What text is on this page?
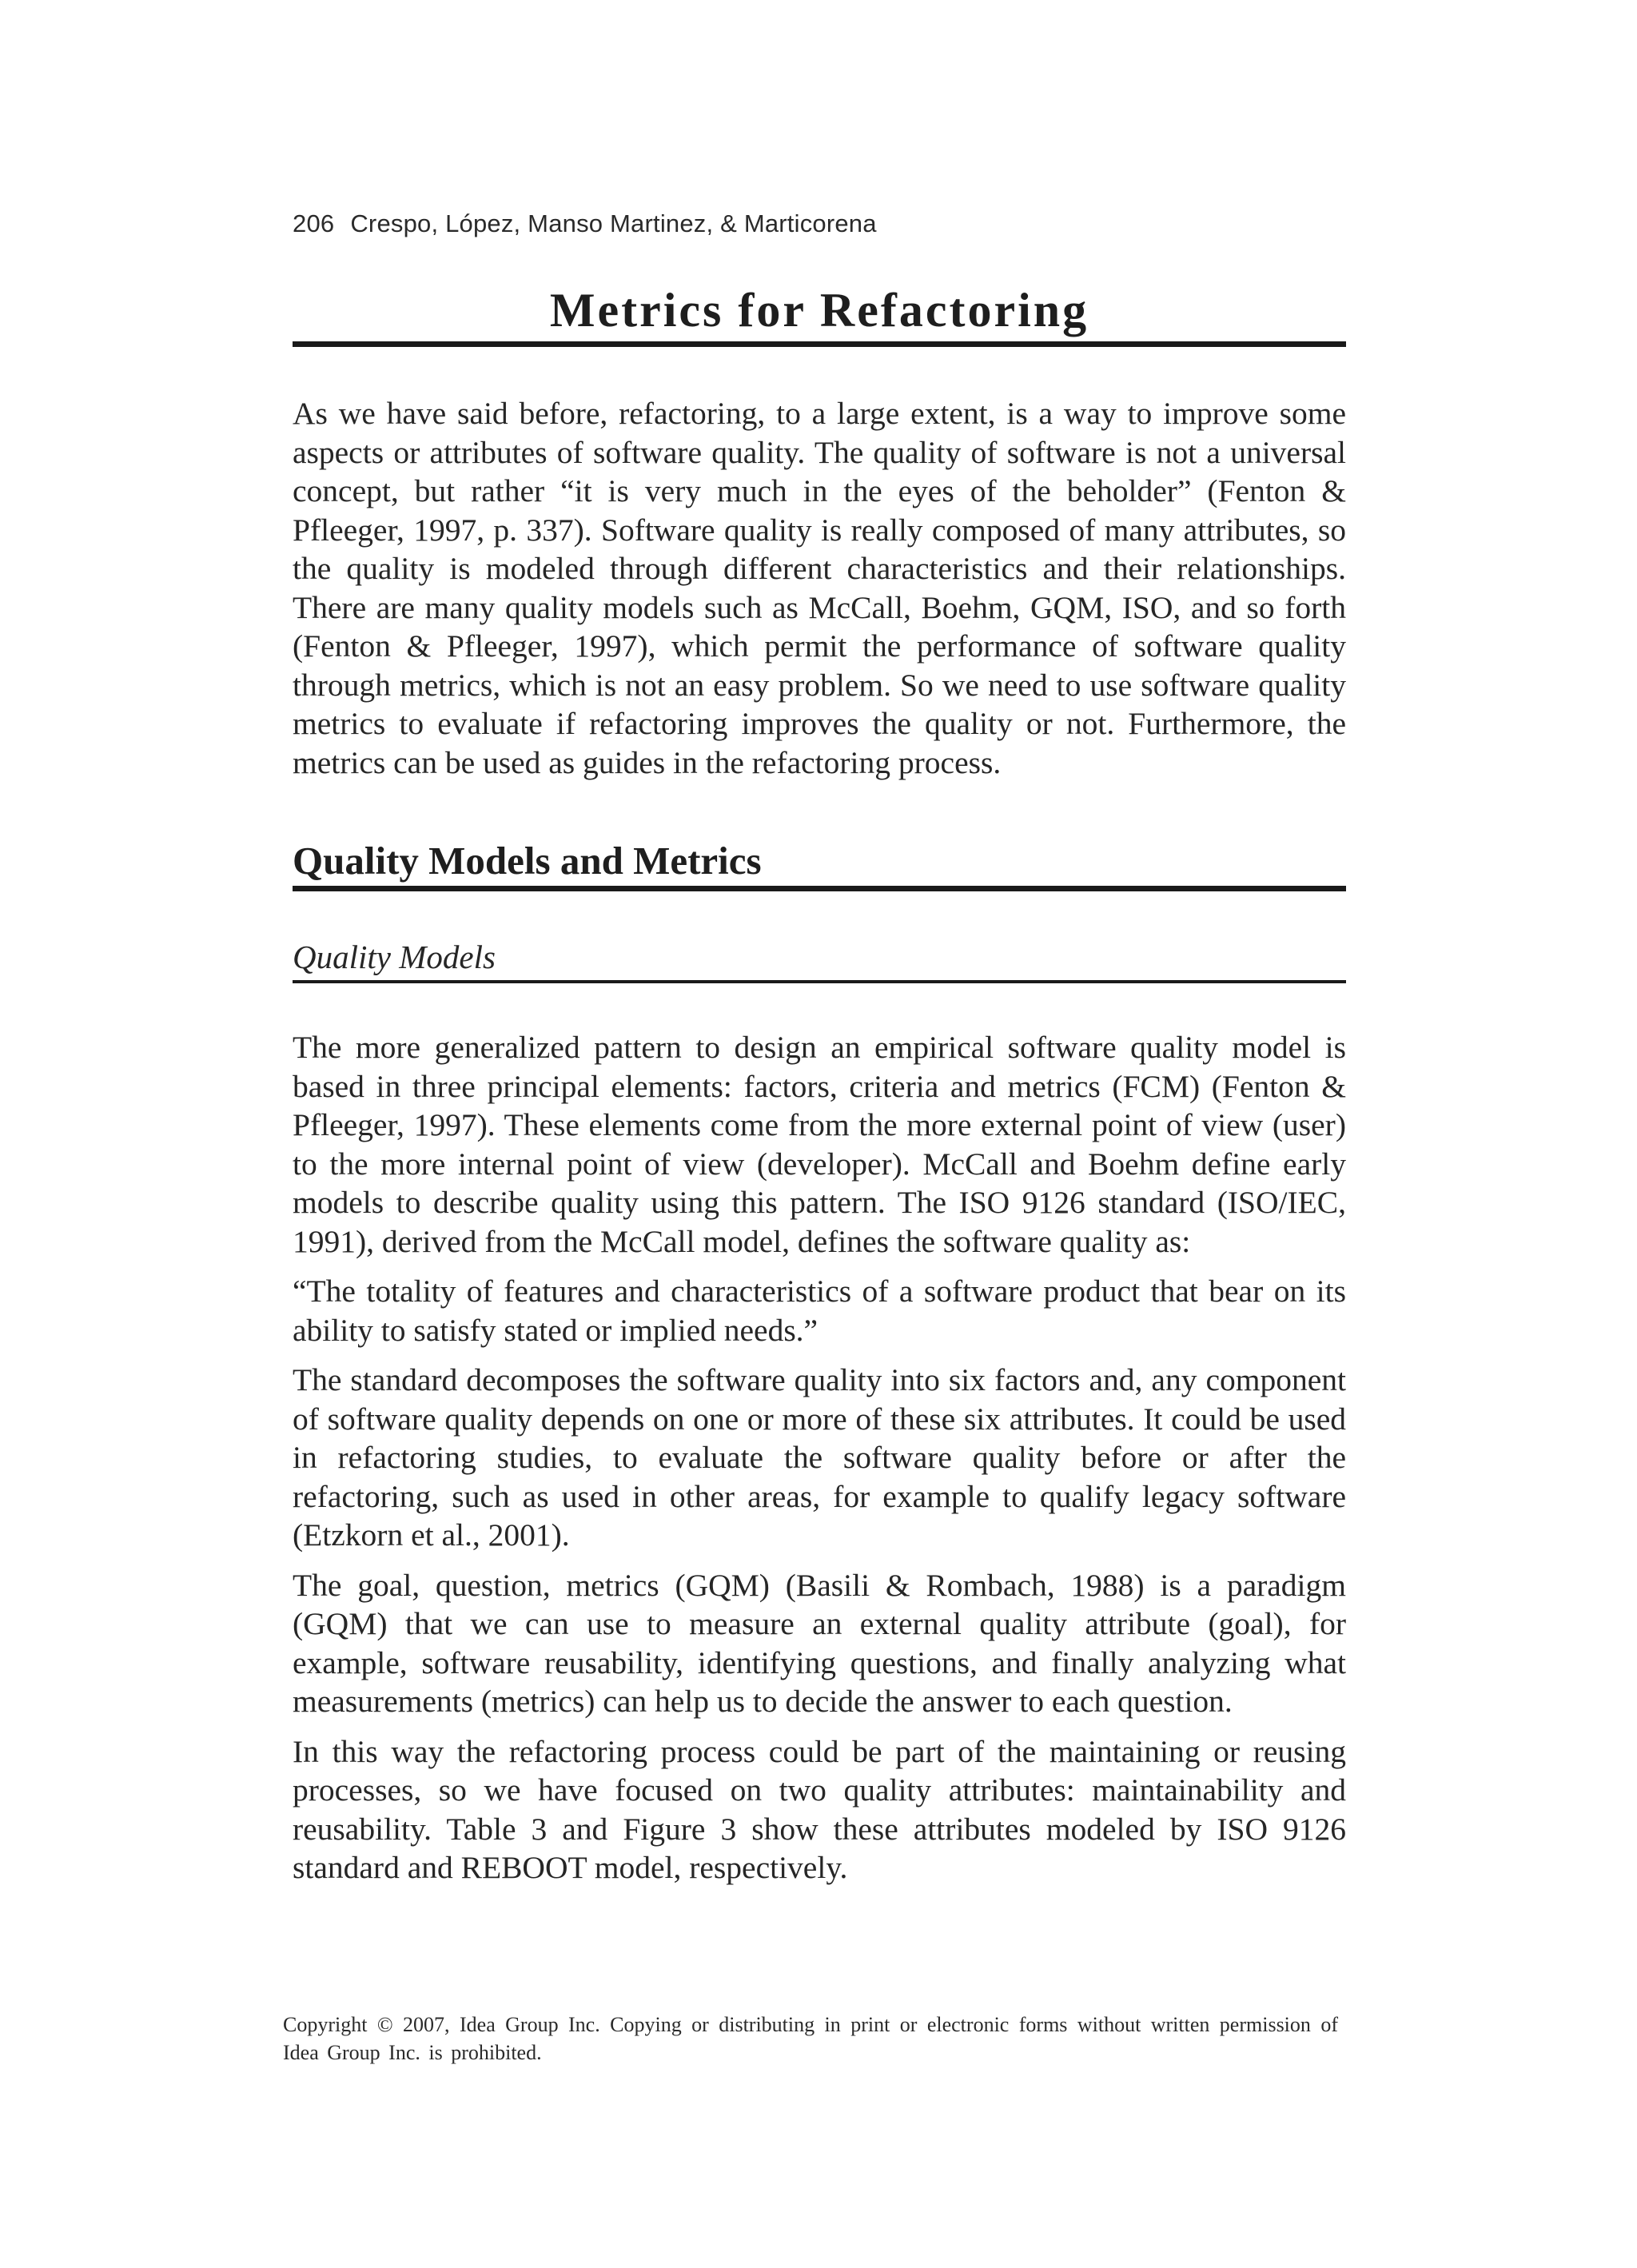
206 Crespo, López, Manso Martinez, & Marticorena
Metrics for Refactoring

As we have said before, refactoring, to a large extent, is a way to improve some aspects or attributes of software quality. The quality of software is not a universal concept, but rather “it is very much in the eyes of the beholder” (Fenton & Pfleeger, 1997, p. 337). Software quality is really composed of many attributes, so the quality is modeled through different characteristics and their relationships. There are many quality models such as McCall, Boehm, GQM, ISO, and so forth (Fenton & Pfleeger, 1997), which permit the performance of software quality through metrics, which is not an easy problem. So we need to use software quality metrics to evaluate if refactoring improves the quality or not. Furthermore, the metrics can be used as guides in the refactoring process.

Quality Models and Metrics
Quality Models

The more generalized pattern to design an empirical software quality model is based in three principal elements: factors, criteria and metrics (FCM) (Fenton & Pfleeger, 1997). These elements come from the more external point of view (user) to the more internal point of view (developer). McCall and Boehm define early models to describe quality using this pattern. The ISO 9126 standard (ISO/IEC, 1991), derived from the McCall model, defines the software quality as:

“The totality of features and characteristics of a software product that bear on its ability to satisfy stated or implied needs.”

The standard decomposes the software quality into six factors and, any component of software quality depends on one or more of these six attributes. It could be used in refactoring studies, to evaluate the software quality before or after the refactoring, such as used in other areas, for example to qualify legacy software (Etzkorn et al., 2001).

The goal, question, metrics (GQM) (Basili & Rombach, 1988) is a paradigm (GQM) that we can use to measure an external quality attribute (goal), for example, software reusability, identifying questions, and finally analyzing what measurements (metrics) can help us to decide the answer to each question.

In this way the refactoring process could be part of the maintaining or reusing processes, so we have focused on two quality attributes: maintainability and reusability. Table 3 and Figure 3 show these attributes modeled by ISO 9126 standard and REBOOT model, respectively.

Copyright © 2007, Idea Group Inc. Copying or distributing in print or electronic forms without written permission of Idea Group Inc. is prohibited.
